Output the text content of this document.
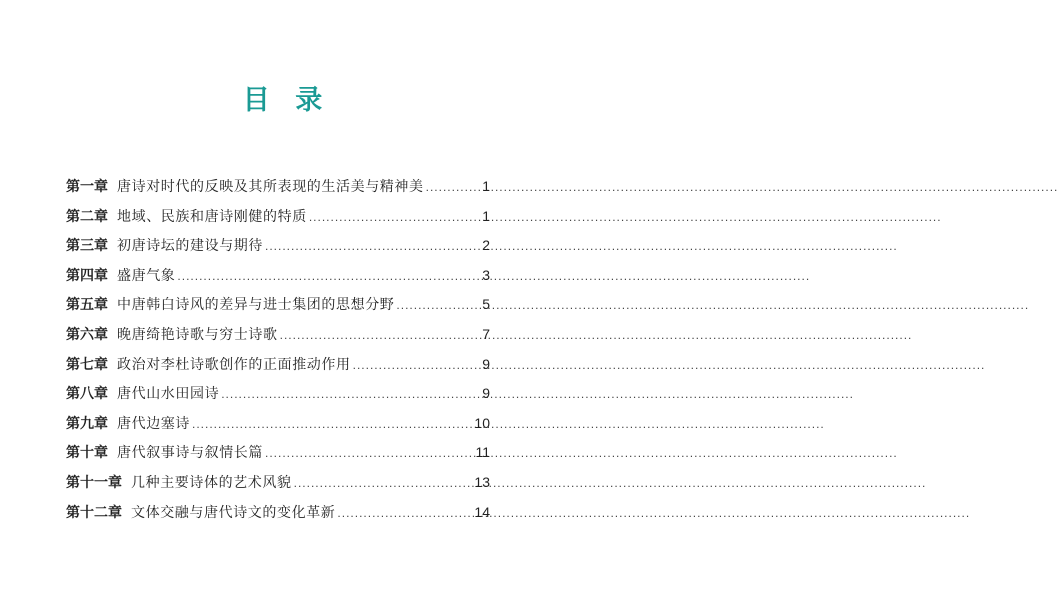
目 录
第一章 唐诗对时代的反映及其所表现的生活美与精神美 .....	1
第二章 地域、民族和唐诗刚健的特质 .....	1
第三章 初唐诗坛的建设与期待 .....	2
第四章 盛唐气象 .....	3
第五章 中唐韩白诗风的差异与进士集团的思想分野 .....	5
第六章 晚唐绮艳诗歌与穷士诗歌 .....	7
第七章 政治对李杜诗歌创作的正面推动作用 .....	9
第八章 唐代山水田园诗 .....	9
第九章 唐代边塞诗 .....	10
第十章 唐代叙事诗与叙情长篇 .....	11
第十一章 几种主要诗体的艺术风貌 .....	13
第十二章 文体交融与唐代诗文的变化革新 .....	14
